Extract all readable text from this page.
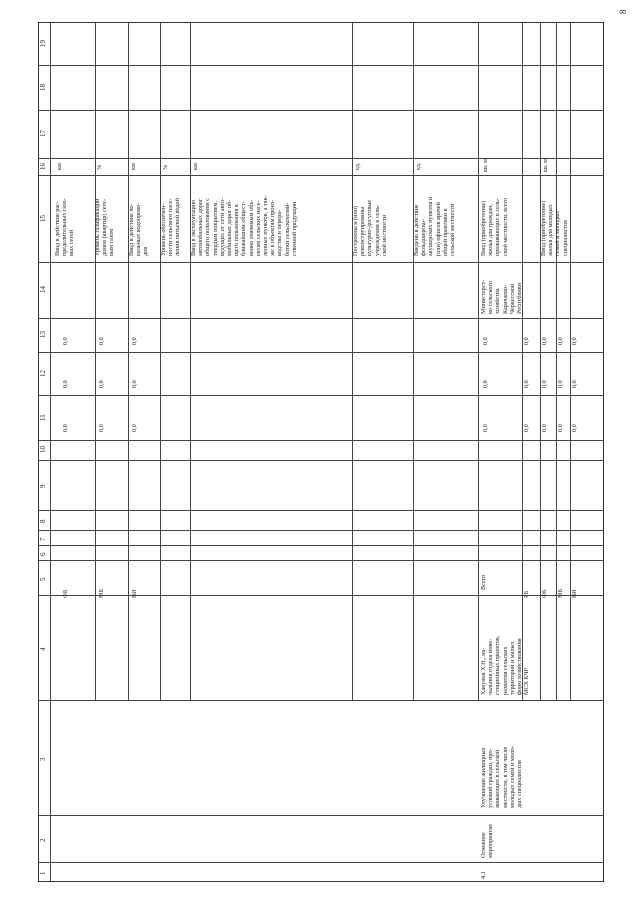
8
1
2
3
4
5
6
7
8
9
10
11
12
13
14
15
16
17
18
19
ФБ
0,0
0,0
0,0
МБ
0,0
0,0
0,0
ВИ
0,0
0,0
0,0
Ввод в действие рас-
пределительных газо-
вых сетей
км
Уровень газификации
домов (квартир) сете-
вым газом
%
Ввод в действие ло-
кальных водопрово-
дов
км
Уровень обеспечен-
ности сельского насе-
ления питьевой водой
%
Ввод в эксплуатацию
автомобильных дорог
общего пользования с
твердым покрытием,
ведущих от сети авто-
мобильных дорог об-
щего пользования к
ближайшим общест-
венно значимым объ-
ектам сельских насе-
ленных пунктов, а так-
же к объектам произ-
водства и перера-
ботки сельскохозяй-
ственной продукции
км
Построены и (или)
реконструированы
культурно-досуговые
учреждения в сель-
ской местности
ед.
Введено в действие
фельдшерско-
акушерских пунктов и
(или) офисов врачей
общей практики в
сельской местности
ед.
4.1
Основное
мероприятие
Улучшение жилищных
условий граждан, про-
живающих в сельской
местности, в том числе
молодых семей и моло-
дых специалистов
Хакунов Х.Н., на-
чальник отдела инве-
стиционных проектов,
развития сельских
территорий и малых
форм хозяйствования
МСХ КЧР
Всего
0,0
0,0
0,0
Министерст-
во сельского
хозяйства
Карачаево-
Черкесской
Республики
Ввод (приобретение)
жилья для граждан,
проживающих в сель-
ской местности, всего
кв. м
Ввод (приобретение)
жилья для молодых
семей и молодых
специалистов
кв. м
РБ
0,0
0,0
0,0
ФБ
0,0
0,0
0,0
МБ
0,0
0,0
0,0
ВИ
0,0
0,0
0,0
